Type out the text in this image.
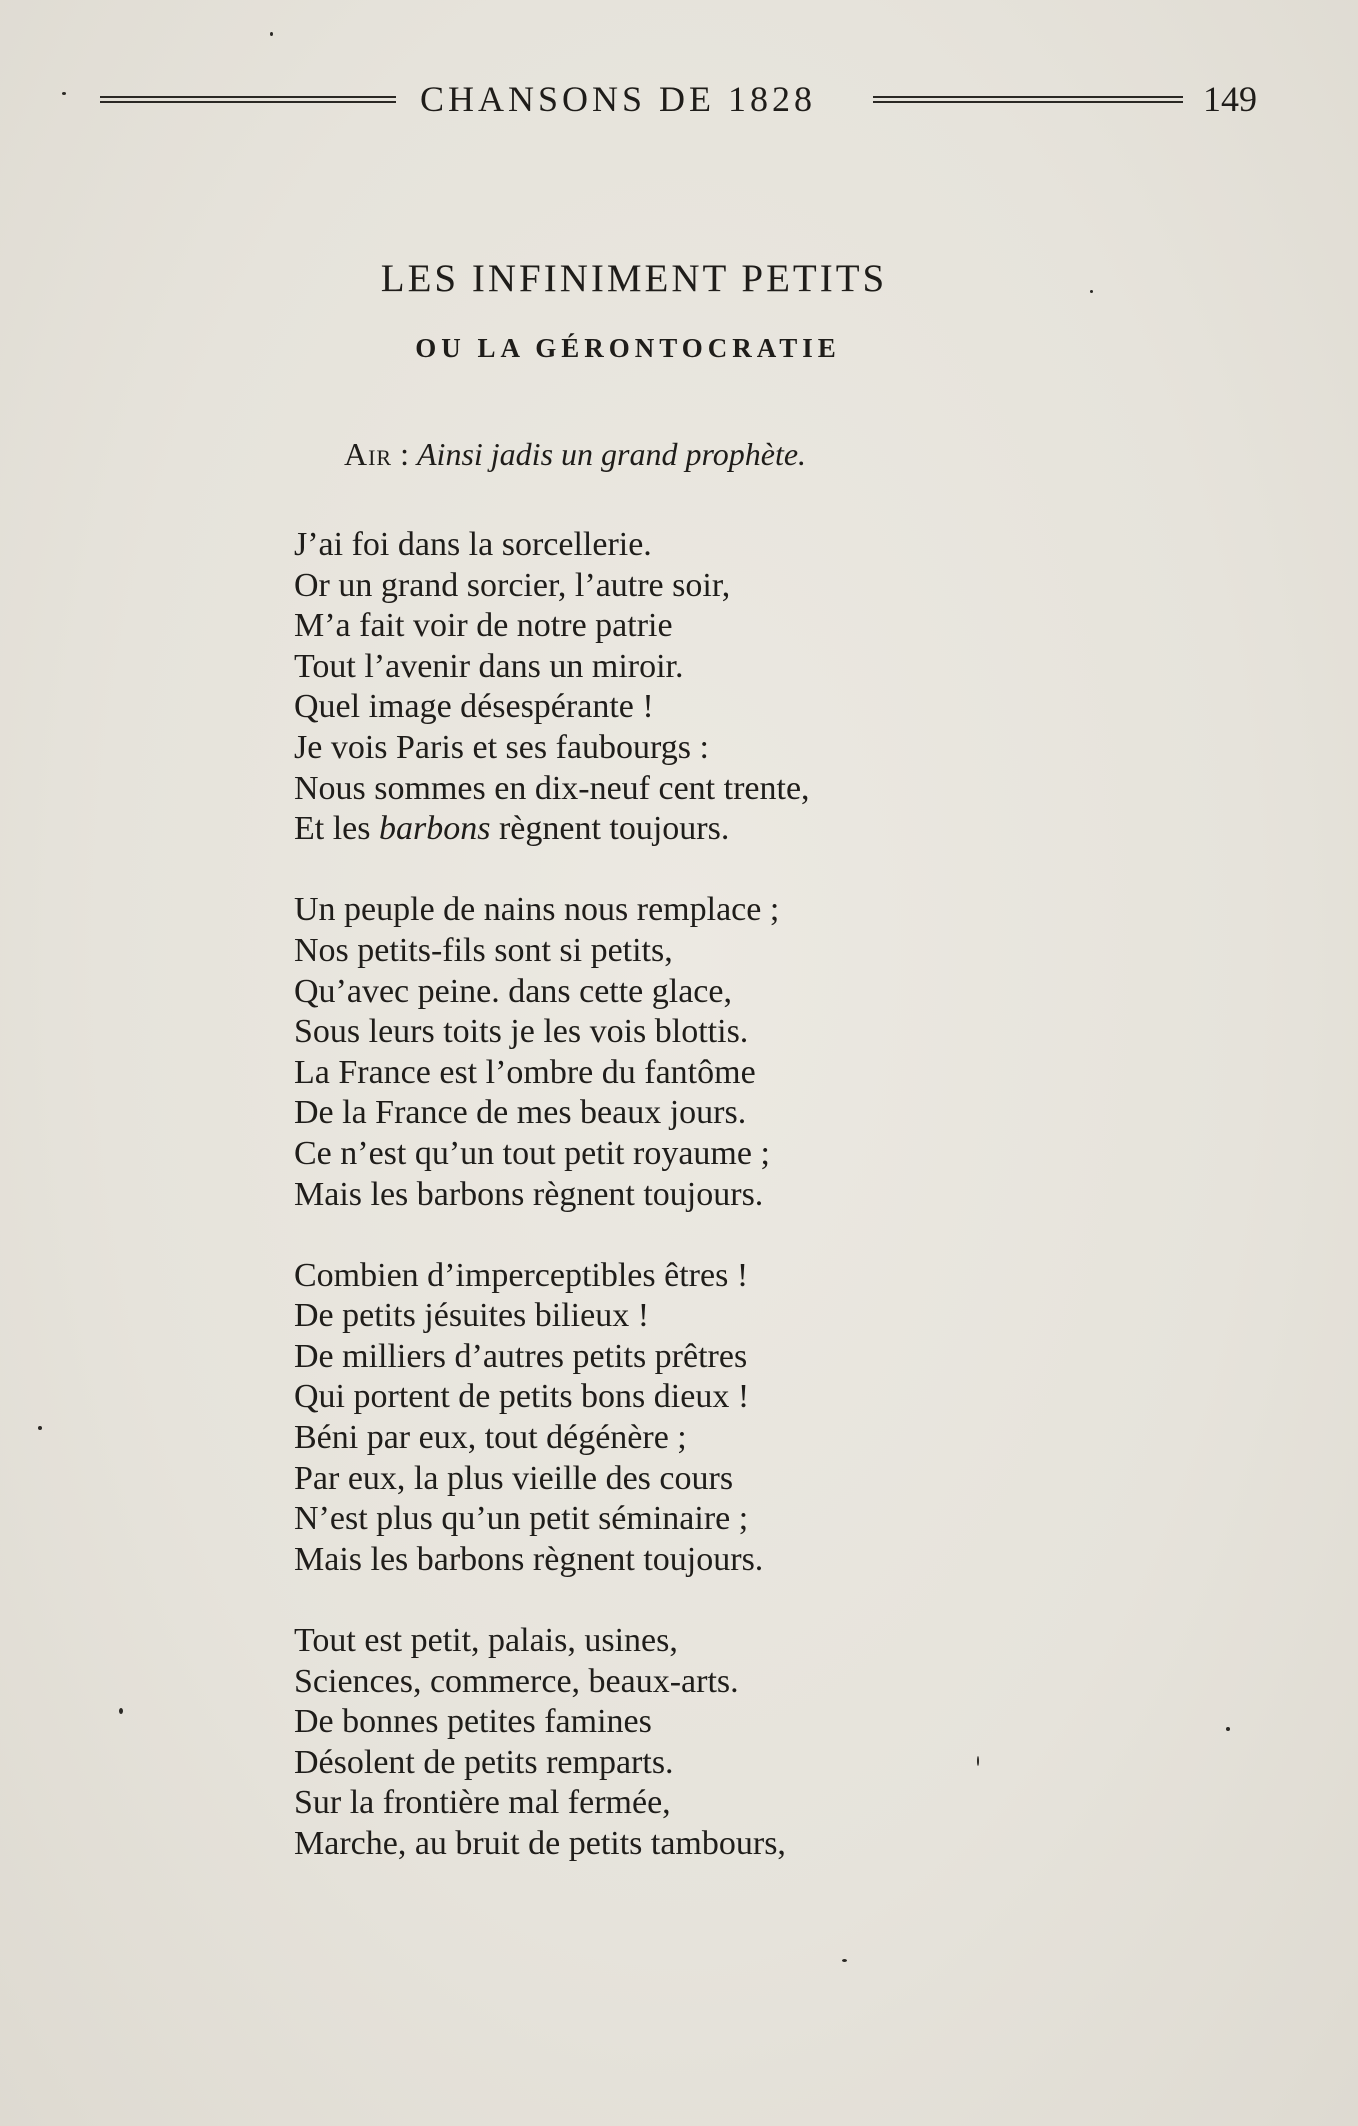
CHANSONS DE 1828	149
LES INFINIMENT PETITS
OU LA GÉRONTOCRATIE
Air : Ainsi jadis un grand prophète.
J’ai foi dans la sorcellerie.
Or un grand sorcier, l’autre soir,
M’a fait voir de notre patrie
Tout l’avenir dans un miroir.
Quel image désespérante !
Je vois Paris et ses faubourgs :
Nous sommes en dix-neuf cent trente,
Et les barbons règnent toujours.
Un peuple de nains nous remplace ;
Nos petits-fils sont si petits,
Qu’avec peine. dans cette glace,
Sous leurs toits je les vois blottis.
La France est l’ombre du fantôme
De la France de mes beaux jours.
Ce n’est qu’un tout petit royaume ;
Mais les barbons règnent toujours.
Combien d’imperceptibles êtres !
De petits jésuites bilieux !
De milliers d’autres petits prêtres
Qui portent de petits bons dieux !
Béni par eux, tout dégénère ;
Par eux, la plus vieille des cours
N’est plus qu’un petit séminaire ;
Mais les barbons règnent toujours.
Tout est petit, palais, usines,
Sciences, commerce, beaux-arts.
De bonnes petites famines
Désolent de petits remparts.
Sur la frontière mal fermée,
Marche, au bruit de petits tambours,
